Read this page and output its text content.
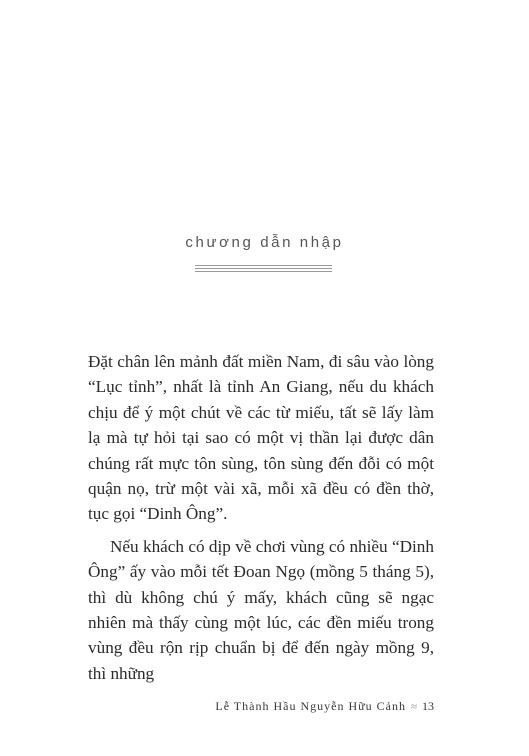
chương dẫn nhập

Đặt chân lên mảnh đất miền Nam, đi sâu vào lòng “Lục tỉnh”, nhất là tỉnh An Giang, nếu du khách chịu để ý một chút về các từ miếu, tất sẽ lấy làm lạ mà tự hỏi tại sao có một vị thần lại được dân chúng rất mực tôn sùng, tôn sùng đến đỗi có một quận nọ, trừ một vài xã, mỗi xã đều có đền thờ, tục gọi “Dinh Ông”.

Nếu khách có dịp về chơi vùng có nhiều “Dinh Ông” ấy vào mỗi tết Đoan Ngọ (mồng 5 tháng 5), thì dù không chú ý mấy, khách cũng sẽ ngạc nhiên mà thấy cùng một lúc, các đền miếu trong vùng đều rộn rịp chuẩn bị để đến ngày mồng 9, thì những

Lễ Thành Hầu Nguyễn Hữu Cảnh ≈ 13
